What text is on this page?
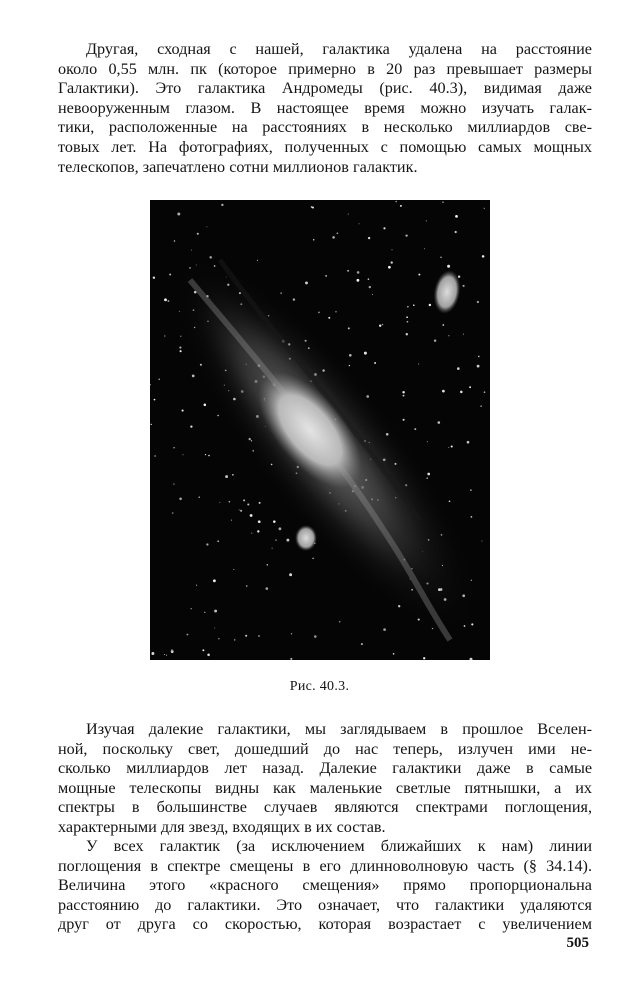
Другая, сходная с нашей, галактика удалена на расстояние
около 0,55 млн. пк (которое примерно в 20 раз превышает размеры
Галактики). Это галактика Андромеды (рис. 40.3), видимая даже
невооруженным глазом. В настоящее время можно изучать галак-
тики, расположенные на расстояниях в несколько миллиардов све-
товых лет. На фотографиях, полученных с помощью самых мощных
телескопов, запечатлено сотни миллионов галактик.
Рис. 40.3.
Изучая далекие галактики, мы заглядываем в прошлое Вселен-
ной, поскольку свет, дошедший до нас теперь, излучен ими не-
сколько миллиардов лет назад. Далекие галактики даже в самые
мощные телескопы видны как маленькие светлые пятнышки, а их
спектры в большинстве случаев являются спектрами поглощения,
характерными для звезд, входящих в их состав.
У всех галактик (за исключением ближайших к нам) линии
поглощения в спектре смещены в его длинноволновую часть (§ 34.14).
Величина этого «красного смещения» прямо пропорциональна
расстоянию до галактики. Это означает, что галактики удаляются
друг от друга со скоростью, которая возрастает с увеличением
505
